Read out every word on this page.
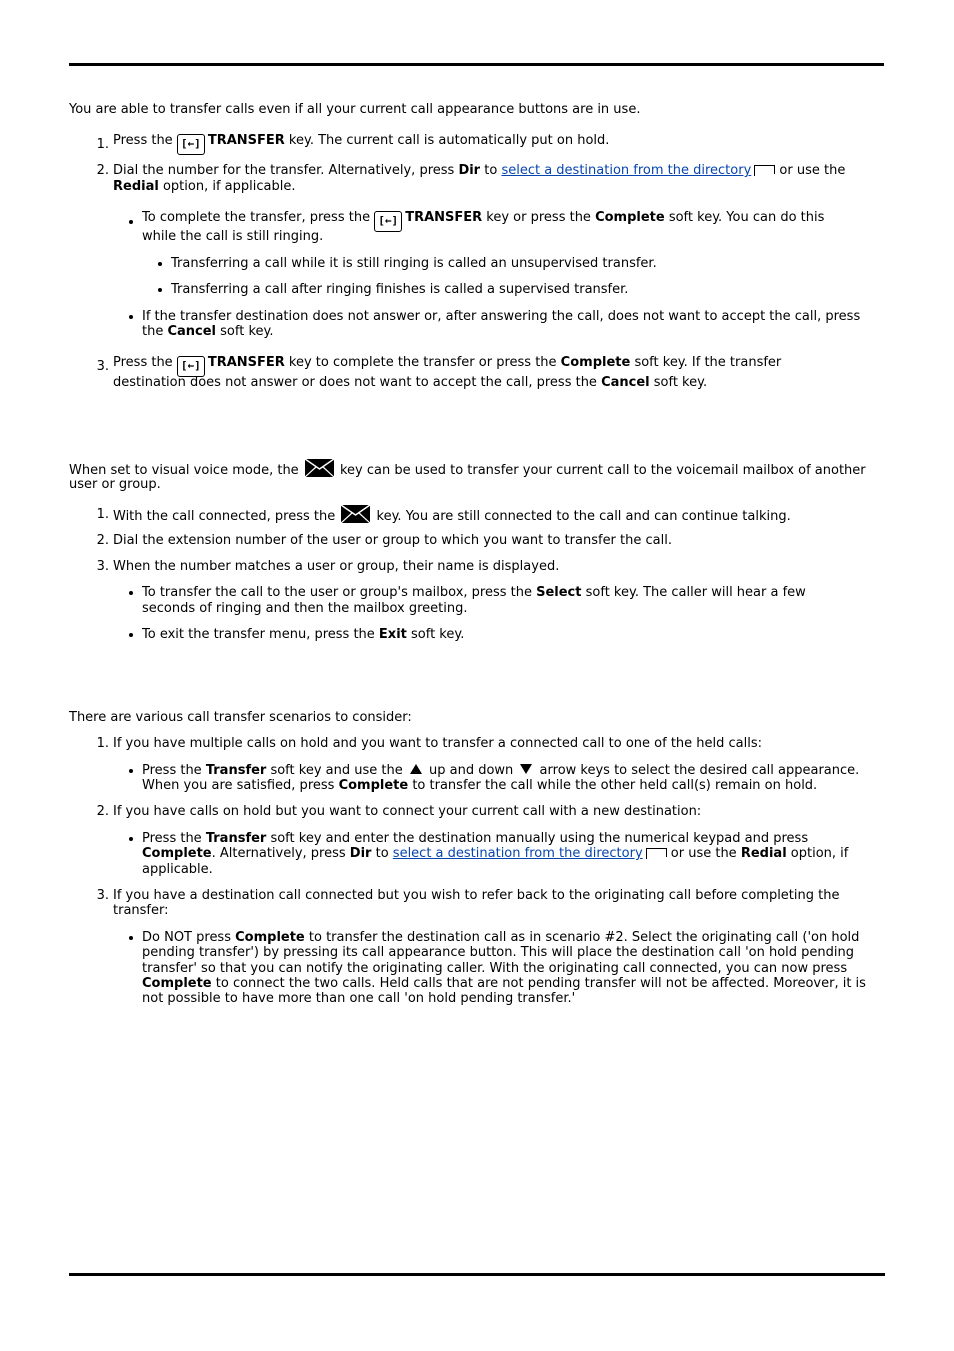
You are able to transfer calls even if all your current call appearance buttons are in use.
1. Press the [←] TRANSFER key. The current call is automatically put on hold.
2. Dial the number for the transfer. Alternatively, press Dir to select a destination from the directory or use the
Redial option, if applicable.
To complete the transfer, press the [←] TRANSFER key or press the Complete soft key. You can do this
while the call is still ringing.
Transferring a call while it is still ringing is called an unsupervised transfer.
Transferring a call after ringing finishes is called a supervised transfer.
If the transfer destination does not answer or, after answering the call, does not want to accept the call, press
the Cancel soft key.
3. Press the [←] TRANSFER key to complete the transfer or press the Complete soft key. If the transfer
destination does not answer or does not want to accept the call, press the Cancel soft key.
When set to visual voice mode, the	key can be used to transfer your current call to the voicemail mailbox of another
user or group.
1. With the call connected, press the	key. You are still connected to the call and can continue talking.
2. Dial the extension number of the user or group to which you want to transfer the call.
3. When the number matches a user or group, their name is displayed.
To transfer the call to the user or group's mailbox, press the Select soft key. The caller will hear a few
seconds of ringing and then the mailbox greeting.
To exit the transfer menu, press the Exit soft key.
There are various call transfer scenarios to consider:
1. If you have multiple calls on hold and you want to transfer a connected call to one of the held calls:
Press the Transfer soft key and use the  up and down  arrow keys to select the desired call appearance.
When you are satisfied, press Complete to transfer the call while the other held call(s) remain on hold.
2. If you have calls on hold but you want to connect your current call with a new destination:
Press the Transfer soft key and enter the destination manually using the numerical keypad and press
Complete. Alternatively, press Dir to select a destination from the directory or use the Redial option, if
applicable.
3. If you have a destination call connected but you wish to refer back to the originating call before completing the
transfer:
Do NOT press Complete to transfer the destination call as in scenario #2. Select the originating call ('on hold
pending transfer') by pressing its call appearance button. This will place the destination call 'on hold pending
transfer' so that you can notify the originating caller. With the originating call connected, you can now press
Complete to connect the two calls. Held calls that are not pending transfer will not be affected. Moreover, it is
not possible to have more than one call 'on hold pending transfer.'
